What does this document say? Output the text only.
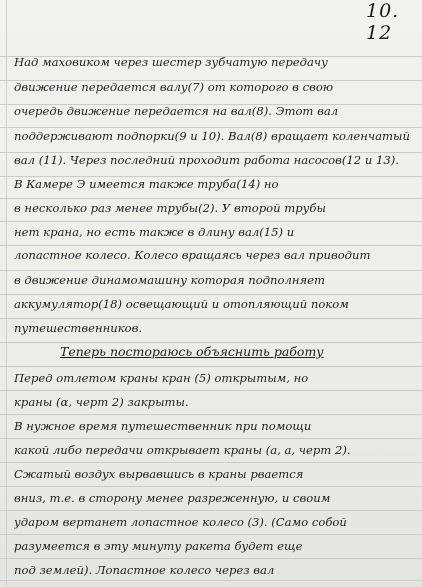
10. 12
Над маховиком через шестер зубчатую передачу
движение передается валу(7) от которого в свою
очередь движение передается на вал(8). Этот вал
поддерживают подпорки(9 и 10). Вал(8) вращает коленчатый
вал (11). Через последний проходит работа насосов(12 и 13).
В Камере Э имеется также труба(14) но
в несколько раз менее трубы(2). У второй трубы
нет крана, но есть также в длину вал(15) и
лопастное колесо. Колесо вращаясь через вал приводит
в движение динамомашину которая подполняет
аккумулятор(18) освещающий и отопляющий поком
путешественников.
Теперь постораюсь объяснить работу
Перед отлетом краны кран (5) открытым, но
краны (α, черт 2) закрыты.
В нужное время путешественник при помощи
какой либо передачи открывает краны (а, а, черт 2).
Сжатый воздух вырвавшись в краны рвается
вниз, т.е. в сторону менее разреженную, и своим
ударом вертанет лопастное колесо (3). (Само собой
разумеется в эту минуту ракета будет еще
под землей). Лопастное колесо через вал
